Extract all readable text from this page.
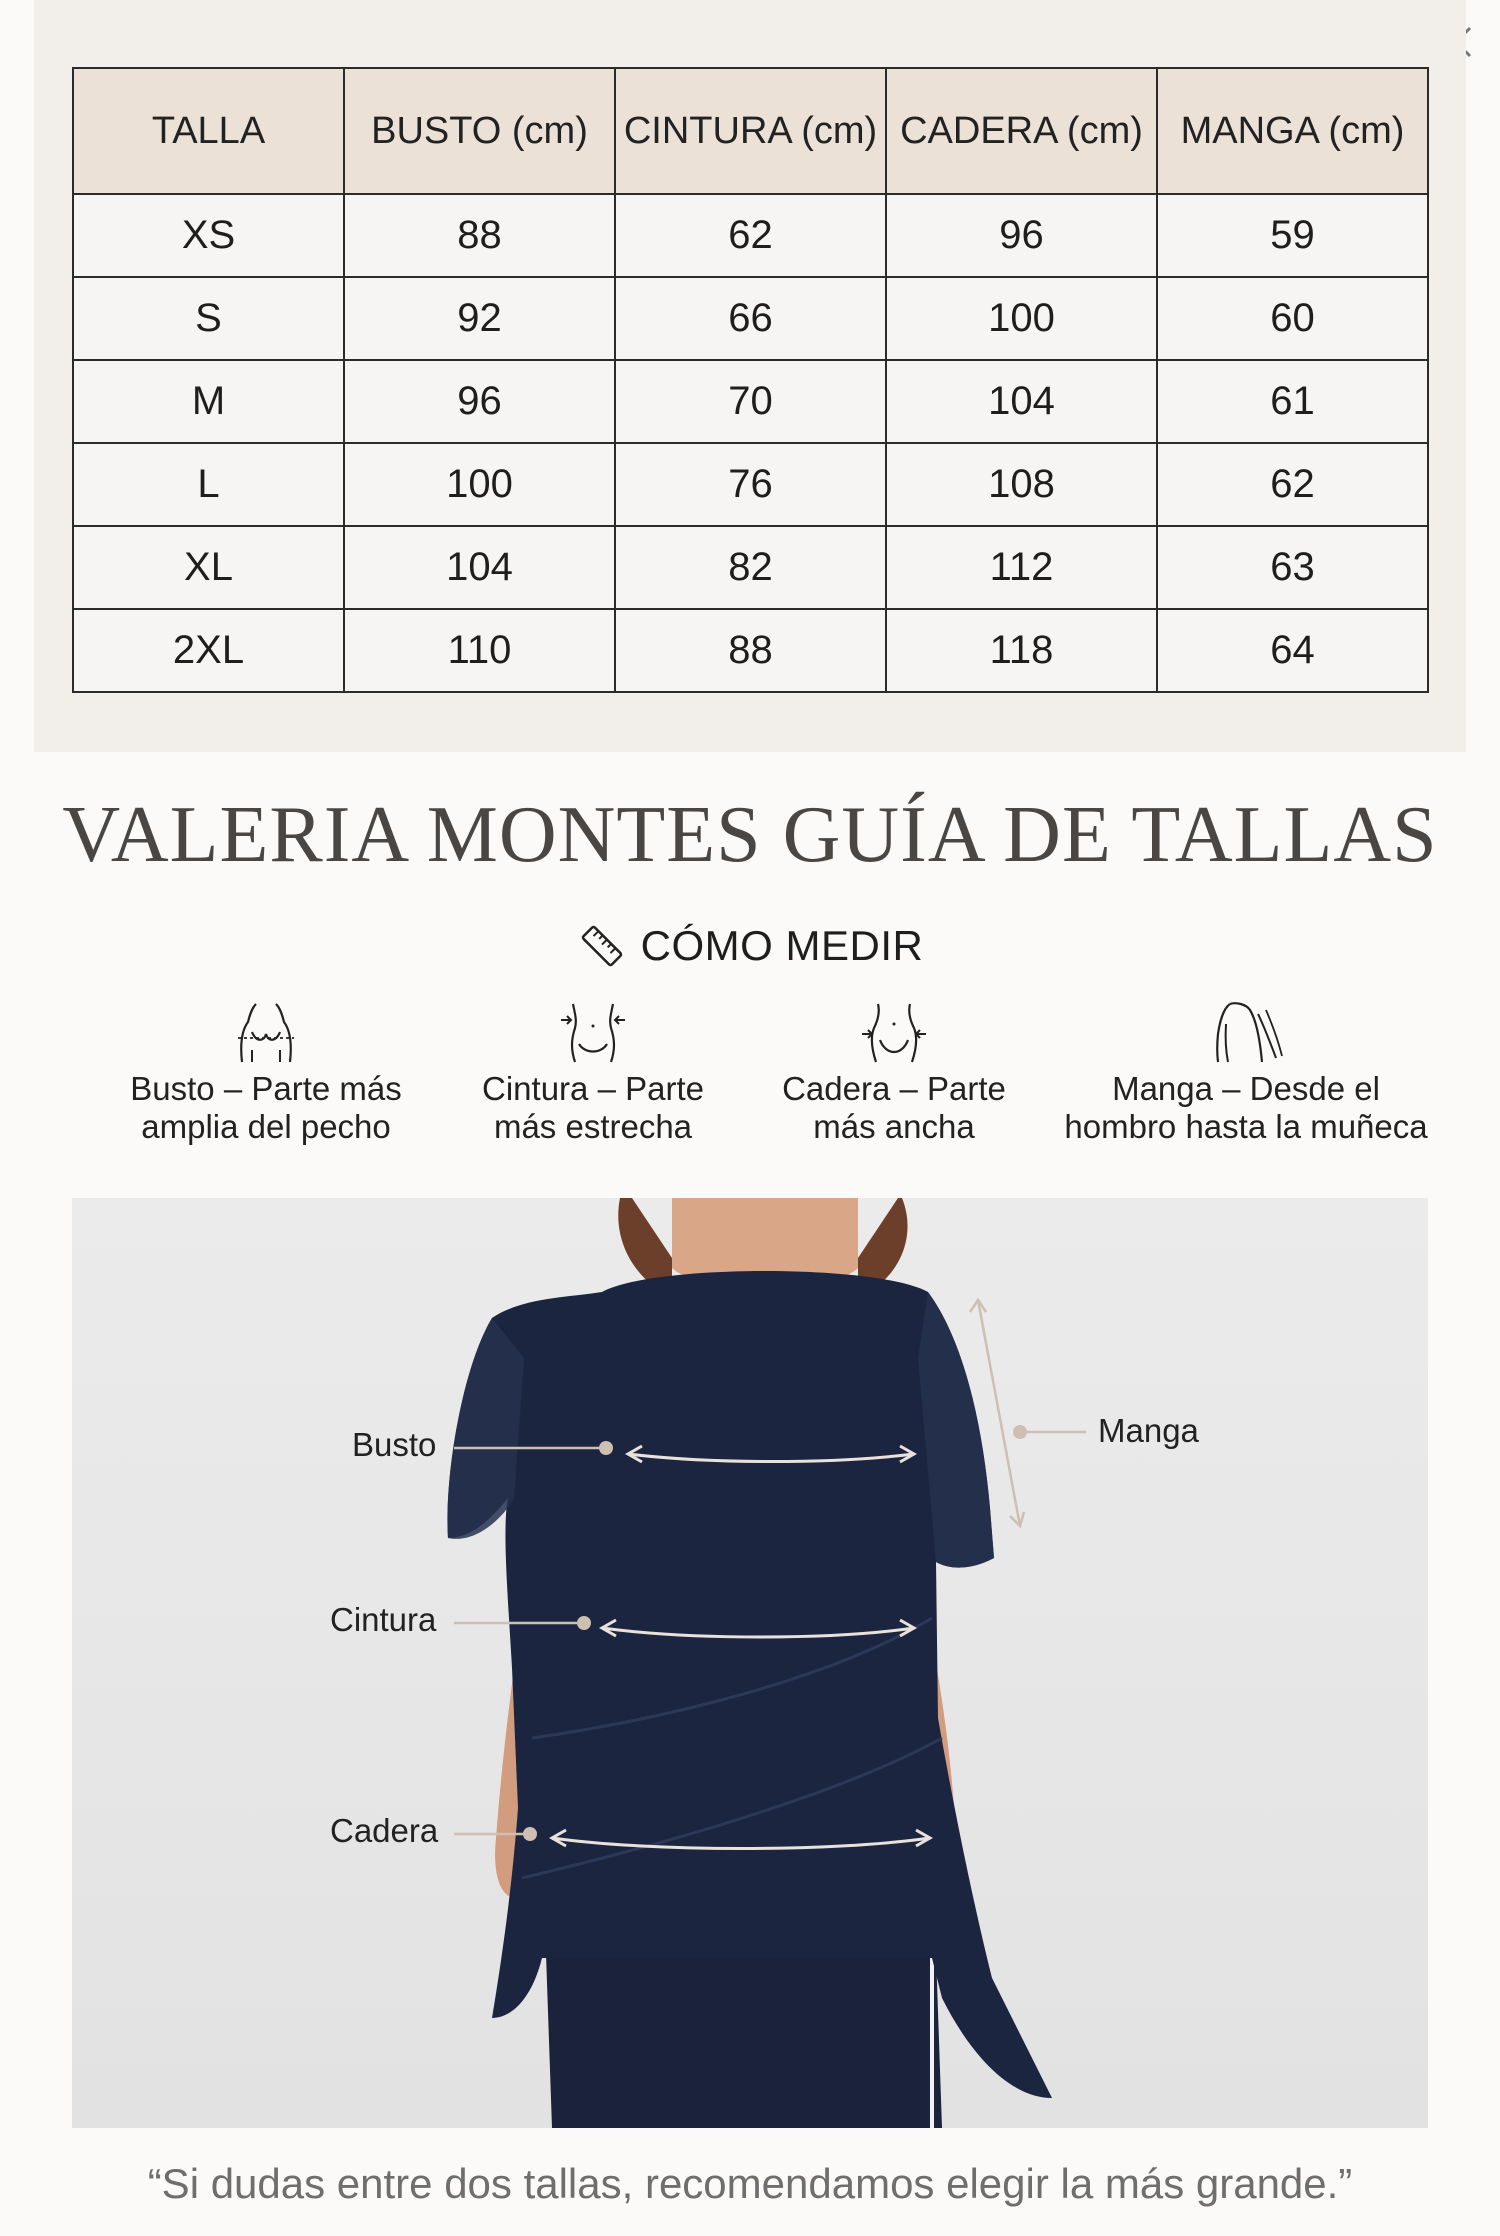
TALLA	BUSTO (cm)	CINTURA (cm)	CADERA (cm)	MANGA (cm)
XS	88	62	96	59
S	92	66	100	60
M	96	70	104	61
L	100	76	108	62
XL	104	82	112	63
2XL	110	88	118	64
VALERIA MONTES GUÍA DE TALLAS
CÓMO MEDIR
Busto – Parte más
amplia del pecho
Cintura – Parte
más estrecha
Cadera – Parte
más ancha
Manga – Desde el
hombro hasta la muñeca
Busto
Cintura
Cadera
Manga
“Si dudas entre dos tallas, recomendamos elegir la más grande.”
